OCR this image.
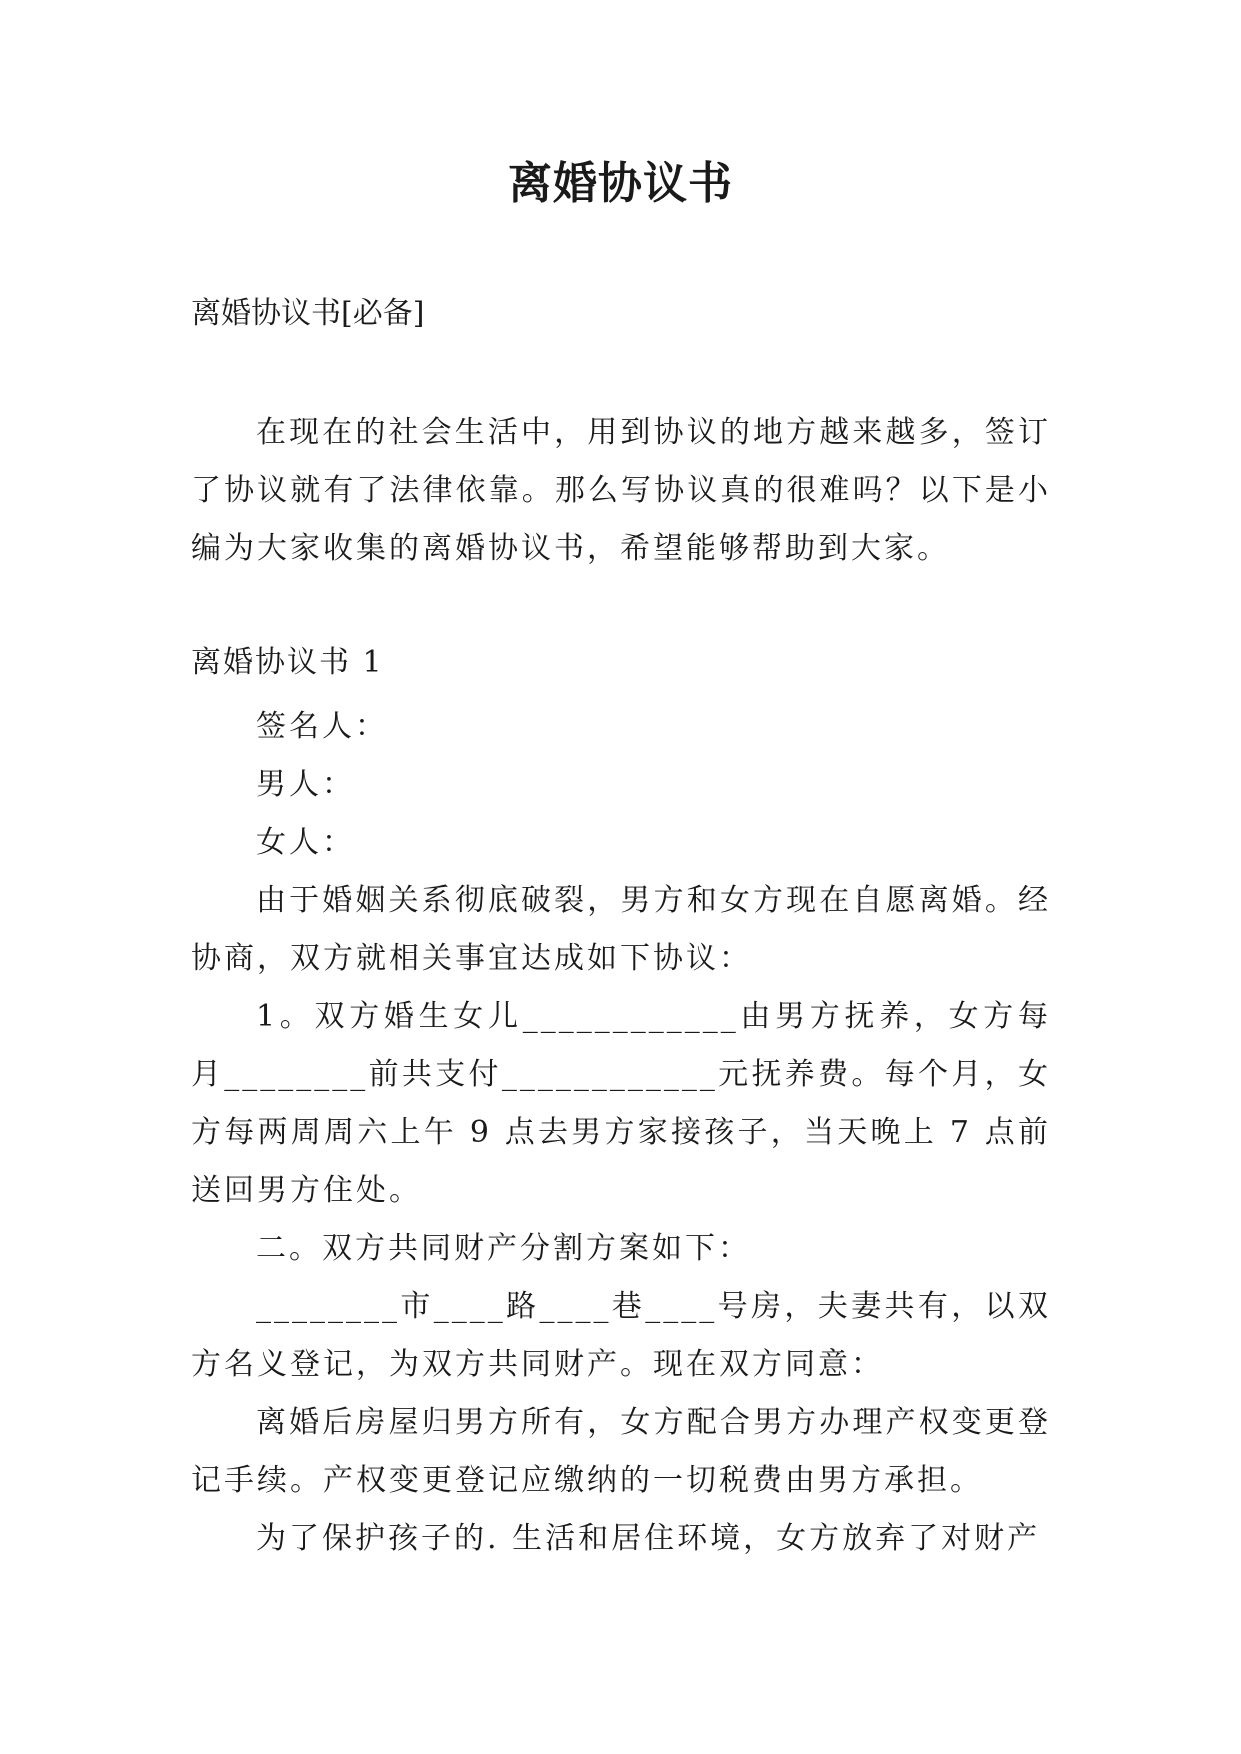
离婚协议书
离婚协议书[必备]
在现在的社会生活中，用到协议的地方越来越多，签订了协议就有了法律依靠。那么写协议真的很难吗？以下是小编为大家收集的离婚协议书，希望能够帮助到大家。
离婚协议书 1
签名人：
男人：
女人：
由于婚姻关系彻底破裂，男方和女方现在自愿离婚。经协商，双方就相关事宜达成如下协议：
1。双方婚生女儿____________由男方抚养，女方每月________前共支付____________元抚养费。每个月，女方每两周周六上午 9 点去男方家接孩子，当天晚上 7 点前送回男方住处。
二。双方共同财产分割方案如下：
________市____路____巷____号房，夫妻共有，以双方名义登记，为双方共同财产。现在双方同意：
离婚后房屋归男方所有，女方配合男方办理产权变更登记手续。产权变更登记应缴纳的一切税费由男方承担。
为了保护孩子的. 生活和居住环境，女方放弃了对财产
